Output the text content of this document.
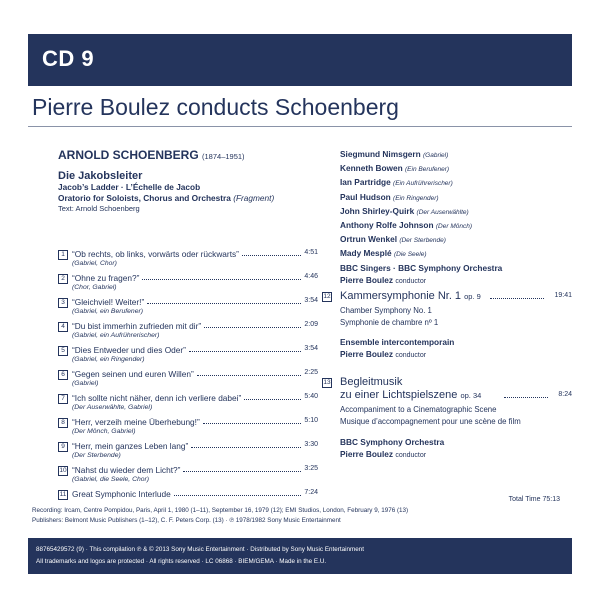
CD 9
Pierre Boulez conducts Schoenberg
ARNOLD SCHOENBERG (1874–1951)
Die Jakobsleiter
Jacob’s Ladder · L’Échelle de Jacob
Oratorio for Soloists, Chorus and Orchestra (Fragment)
Text: Arnold Schoenberg
1 “Ob rechts, ob links, vorwärts oder rückwarts”	4:51
(Gabriel, Chor)
2 “Ohne zu fragen?”	4:46
(Chor, Gabriel)
3 “Gleichviel! Weiter!”	3:54
(Gabriel, ein Berufener)
4 “Du bist immerhin zufrieden mit dir”	2:09
(Gabriel, ein Aufrührerischer)
5 “Dies Entweder und dies Oder”	3:54
(Gabriel, ein Ringender)
6 “Gegen seinen und euren Willen”	2:25
(Gabriel)
7 “Ich sollte nicht näher, denn ich verliere dabei”	5:40
(Der Auserwählte, Gabriel)
8 “Herr, verzeih meine Überhebung!”	5:10
(Der Mönch, Gabriel)
9 “Herr, mein ganzes Leben lang”	3:30
(Der Sterbende)
10 “Nahst du wieder dem Licht?”	3:25
(Gabriel, die Seele, Chor)
11 Great Symphonic Interlude	7:24
Siegmund Nimsgern (Gabriel)
Kenneth Bowen (Ein Berufener)
Ian Partridge (Ein Aufrührerischer)
Paul Hudson (Ein Ringender)
John Shirley-Quirk (Der Auserwählte)
Anthony Rolfe Johnson (Der Mönch)
Ortrun Wenkel (Der Sterbende)
Mady Mesplé (Die Seele)
BBC Singers · BBC Symphony Orchestra
Pierre Boulez conductor
12 Kammersymphonie Nr. 1 op. 9	19:41
Chamber Symphony No. 1
Symphonie de chambre nº 1
Ensemble intercontemporain
Pierre Boulez conductor
13 Begleitmusik
zu einer Lichtspielszene op. 34	8:24
Accompaniment to a Cinematographic Scene
Musique d’accompagnement pour une scène de film
BBC Symphony Orchestra
Pierre Boulez conductor
Total Time 75:13
Recording: Ircam, Centre Pompidou, Paris, April 1, 1980 (1–11), September 16, 1979 (12); EMI Studios, London, February 9, 1976 (13)
Publishers: Belmont Music Publishers (1–12), C. F. Peters Corp. (13) · ℗ 1978/1982 Sony Music Entertainment
88765429572 (9) · This compilation ℗ & © 2013 Sony Music Entertainment · Distributed by Sony Music Entertainment
All trademarks and logos are protected · All rights reserved · LC 06868 · BIEM/GEMA · Made in the E.U.
